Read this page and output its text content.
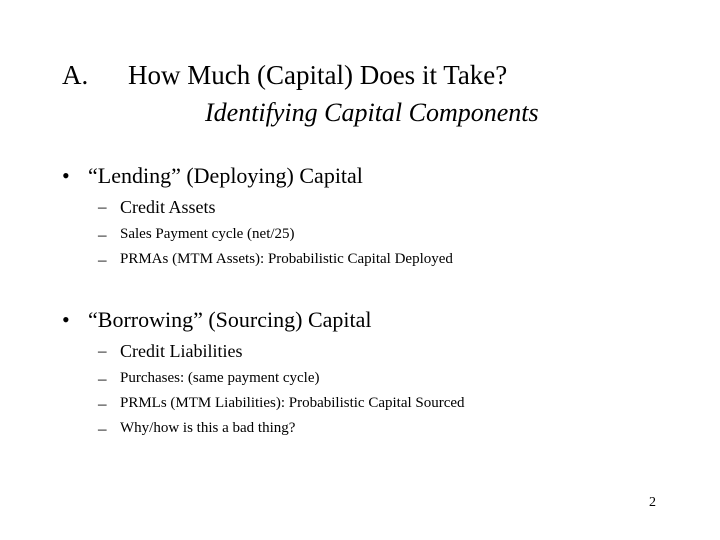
A. How Much (Capital) Does it Take?
Identifying Capital Components
• “Lending” (Deploying) Capital
– Credit Assets
– Sales Payment cycle (net/25)
– PRMAs (MTM Assets): Probabilistic Capital Deployed
• “Borrowing” (Sourcing) Capital
– Credit Liabilities
– Purchases: (same payment cycle)
– PRMLs (MTM Liabilities): Probabilistic Capital Sourced
– Why/how is this a bad thing?
2
